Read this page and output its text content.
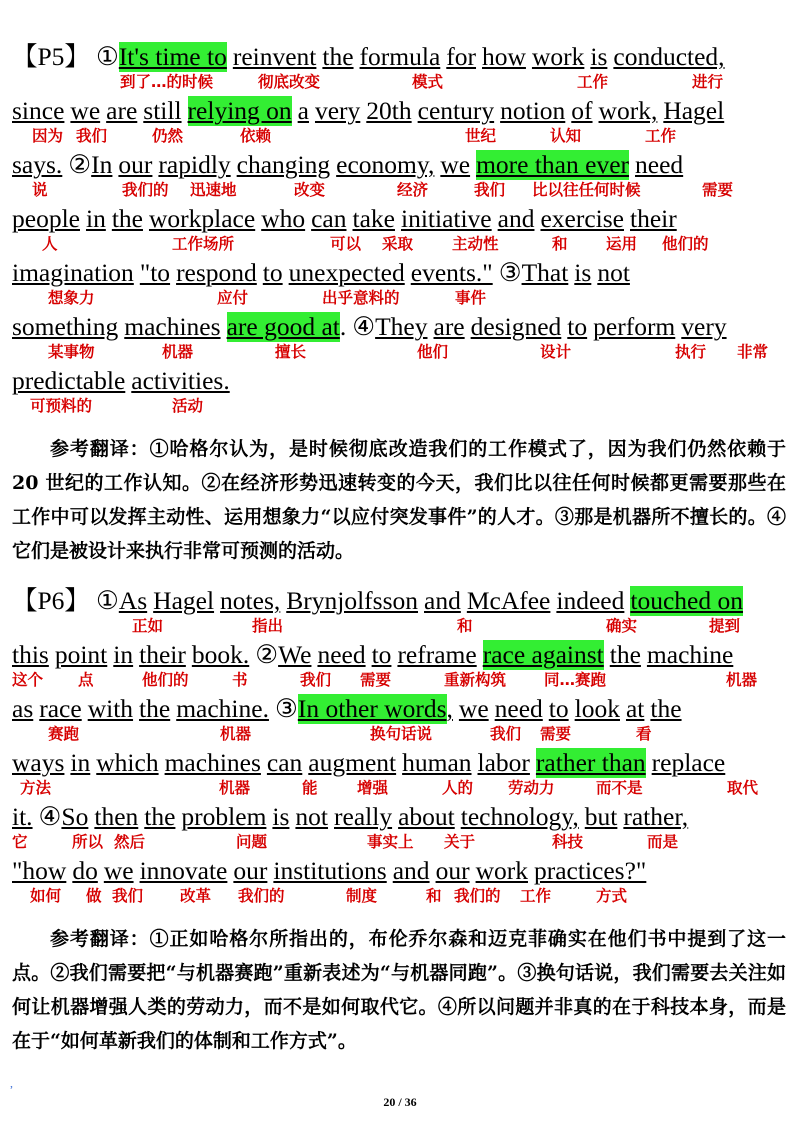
【P5】 ①It's time to reinvent the formula for how work is conducted,
到了…的时候	彻底改变	模式	工作	进行
since we are still relying on a very 20th century notion of work, Hagel
因为 我们	仍然	依赖	世纪	认知	工作
says. ②In our rapidly changing economy, we more than ever need
说	我们的 迅速地	改变	经济	我们 比以往任何时候	需要
people in the workplace who can take initiative and exercise their
人	工作场所	可以 采取	主动性	和 运用 他们的
imagination "to respond to unexpected events." ③That is not
想象力	应付	出乎意料的	事件
something machines are good at. ④They are designed to perform very
某事物	机器	擅长	他们	设计	执行 非常
predictable activities.
可预料的	活动
参考翻译：①哈格尔认为，是时候彻底改造我们的工作模式了，因为我们仍然依赖于 20 世纪的工作认知。②在经济形势迅速转变的今天，我们比以往任何时候都更需要那些在工作中可以发挥主动性、运用想象力“以应付突发事件”的人才。③那是机器所不擅长的。④它们是被设计来执行非常可预测的活动。
【P6】 ①As Hagel notes, Brynjolfsson and McAfee indeed touched on
正如	指出	和	确实	提到
this point in their book. ②We need to reframe race against the machine
这个 点	他们的	书	我们 需要	重新构筑 同…赛跑	机器
as race with the machine. ③In other words, we need to look at the
赛跑	机器	换句话说	我们 需要	看
ways in which machines can augment human labor rather than replace
方法	机器	能	增强	人的 劳动力	而不是	取代
it. ④So then the problem is not really about technology, but rather,
它	所以 然后	问题	事实上 关于	科技	而是
"how do we innovate our institutions and our work practices?"
如何 做 我们 改革 我们的	制度	和 我们的 工作	方式
参考翻译：①正如哈格尔所指出的，布伦乔尔森和迈克菲确实在他们书中提到了这一点。②我们需要把“与机器赛跑”重新表述为“与机器同跑”。③换句话说，我们需要去关注如何让机器增强人类的劳动力，而不是如何取代它。④所以问题并非真的在于科技本身，而是在于“如何革新我们的体制和工作方式”。
,
20 / 36
